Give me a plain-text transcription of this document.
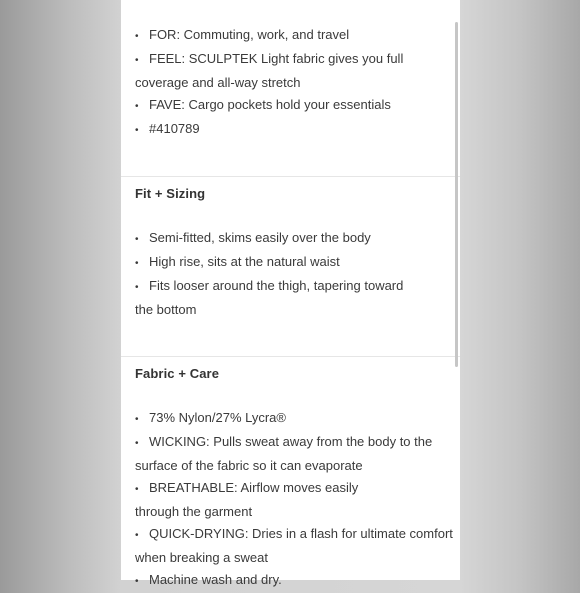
• FOR: Commuting, work, and travel
• FEEL: SCULPTEK Light fabric gives you full coverage and all-way stretch
• FAVE: Cargo pockets hold your essentials
• #410789
Fit + Sizing
• Semi-fitted, skims easily over the body
• High rise, sits at the natural waist
• Fits looser around the thigh, tapering toward the bottom
Fabric + Care
• 73% Nylon/27% Lycra®
• WICKING: Pulls sweat away from the body to the surface of the fabric so it can evaporate
• BREATHABLE: Airflow moves easily through the garment
• QUICK-DRYING: Dries in a flash for ultimate comfort when breaking a sweat
• Machine wash and dry.
